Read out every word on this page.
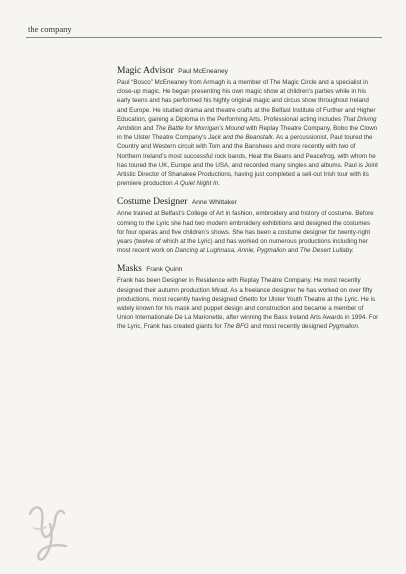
the company
Magic Advisor Paul McEneaney

Paul “Bosco” McEneaney from Armagh is a member of The Magic Circle and a specialist in close-up magic. He began presenting his own magic show at children’s parties while in his early teens and has performed his highly original magic and circus show throughout Ireland and Europe. He studied drama and theatre crafts at the Belfast Institute of Further and Higher Education, gaining a Diploma in the Performing Arts. Professional acting includes That Driving Ambition and The Battle for Morrigan’s Mound with Replay Theatre Company, Bobo the Clown in the Ulster Theatre Company’s Jack and the Beanstalk. As a percussionist, Paul toured the Country and Western circuit with Tom and the Banshees and more recently with two of Northern Ireland’s most successful rock bands, Heat the Beans and Peacefrog, with whom he has toured the UK, Europe and the USA, and recorded many singles and albums. Paul is Joint Artistic Director of Shanakee Productions, having just completed a sell-out Irish tour with its premiere production A Quiet Night In.

Costume Designer Anne Whittaker

Anne trained at Belfast’s College of Art in fashion, embroidery and history of costume. Before coming to the Lyric she had two modern embroidery exhibitions and designed the costumes for four operas and five children’s shows. She has been a costume designer for twenty-right years (twelve of which at the Lyric) and has worked on numerous productions including her most recent work on Dancing at Lughnasa, Annie, Pygmalion and The Desert Lullaby.

Masks Frank Quinn

Frank has been Designer in Residence with Replay Theatre Company. He most recently designed their autumn production Mirad. As a freelance designer he has worked on over fifty productions, most recently having designed Ghetto for Ulster Youth Theatre at the Lyric. He is widely known for his mask and puppet design and construction and became a member of Union Internationale De La Marionette, after winning the Bass Ireland Arts Awards in 1994. For the Lyric, Frank has created giants for The BFG and most recently designed Pygmalion.
